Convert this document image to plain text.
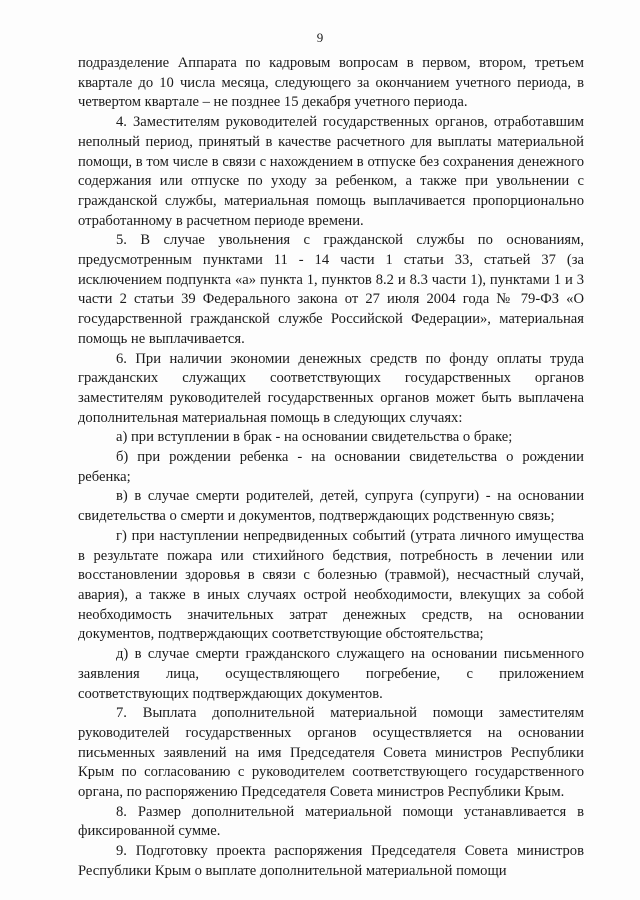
9

подразделение Аппарата по кадровым вопросам в первом, втором, третьем квартале до 10 числа месяца, следующего за окончанием учетного периода, в четвертом квартале – не позднее 15 декабря учетного периода.

4. Заместителям руководителей государственных органов, отработавшим неполный период, принятый в качестве расчетного для выплаты материальной помощи, в том числе в связи с нахождением в отпуске без сохранения денежного содержания или отпуске по уходу за ребенком, а также при увольнении с гражданской службы, материальная помощь выплачивается пропорционально отработанному в расчетном периоде времени.

5. В случае увольнения с гражданской службы по основаниям, предусмотренным пунктами 11 - 14 части 1 статьи 33, статьей 37 (за исключением подпункта «а» пункта 1, пунктов 8.2 и 8.3 части 1), пунктами 1 и 3 части 2 статьи 39 Федерального закона от 27 июля 2004 года № 79-ФЗ «О государственной гражданской службе Российской Федерации», материальная помощь не выплачивается.

6. При наличии экономии денежных средств по фонду оплаты труда гражданских служащих соответствующих государственных органов заместителям руководителей государственных органов может быть выплачена дополнительная материальная помощь в следующих случаях:

а) при вступлении в брак - на основании свидетельства о браке;

б) при рождении ребенка - на основании свидетельства о рождении ребенка;

в) в случае смерти родителей, детей, супруга (супруги) - на основании свидетельства о смерти и документов, подтверждающих родственную связь;

г) при наступлении непредвиденных событий (утрата личного имущества в результате пожара или стихийного бедствия, потребность в лечении или восстановлении здоровья в связи с болезнью (травмой), несчастный случай, авария), а также в иных случаях острой необходимости, влекущих за собой необходимость значительных затрат денежных средств, на основании документов, подтверждающих соответствующие обстоятельства;

д) в случае смерти гражданского служащего на основании письменного заявления лица, осуществляющего погребение, с приложением соответствующих подтверждающих документов.

7. Выплата дополнительной материальной помощи заместителям руководителей государственных органов осуществляется на основании письменных заявлений на имя Председателя Совета министров Республики Крым по согласованию с руководителем соответствующего государственного органа, по распоряжению Председателя Совета министров Республики Крым.

8. Размер дополнительной материальной помощи устанавливается в фиксированной сумме.

9. Подготовку проекта распоряжения Председателя Совета министров Республики Крым о выплате дополнительной материальной помощи
